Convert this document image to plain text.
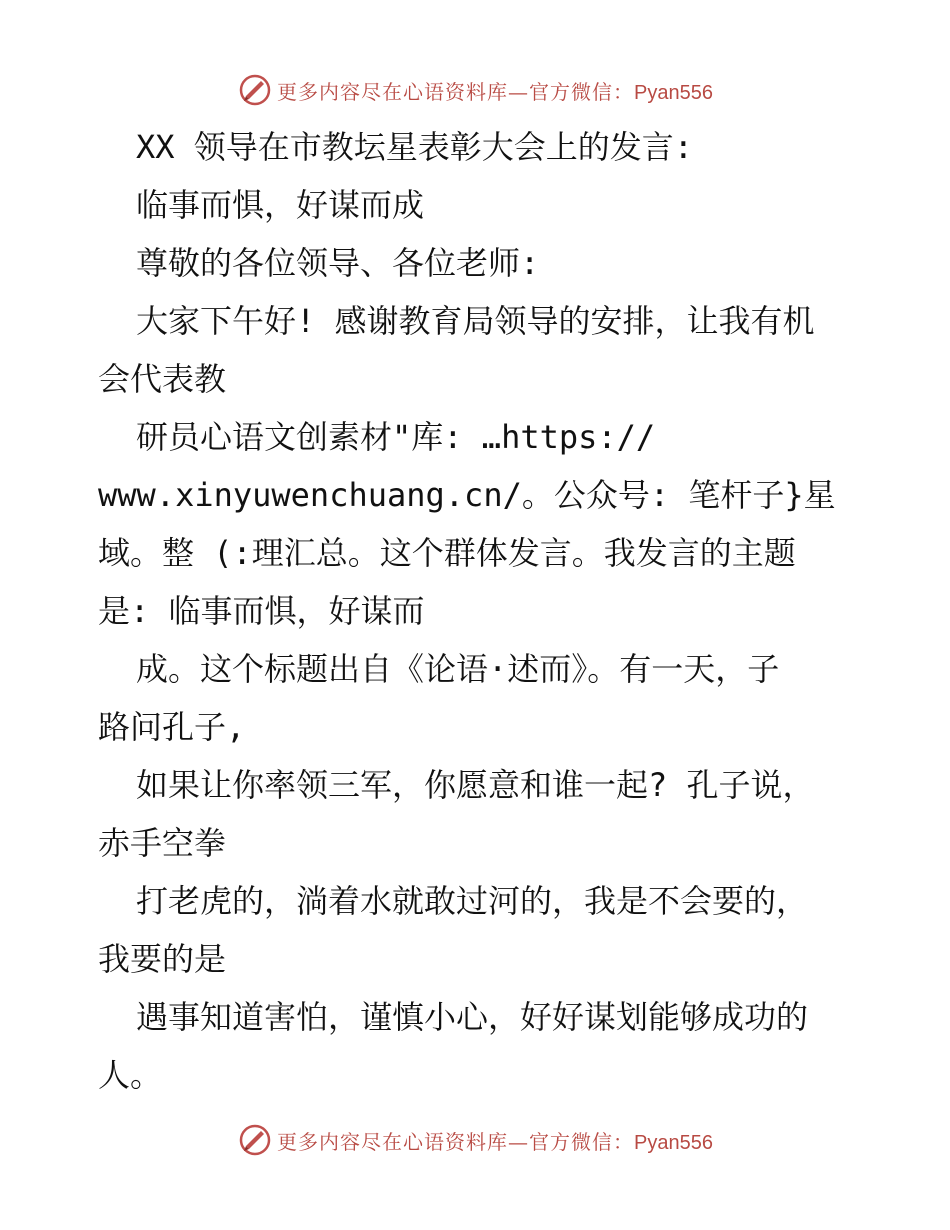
更多内容尽在心语资料库—官方微信：Pyan556

XX 领导在市教坛星表彰大会上的发言:

临事而惧，好谋而成

尊敬的各位领导、各位老师:

大家下午好! 感谢教育局领导的安排，让我有机

会代表教

研员心语文创素材"库: …https://

www.xinyuwenchuang.cn/。公众号: 笔杆子}星

域。整 (:理汇总。这个群体发言。我发言的主题

是: 临事而惧，好谋而

成。这个标题出自《论语·述而》。有一天，子

路问孔子,

如果让你率领三军，你愿意和谁一起? 孔子说，

赤手空拳

打老虎的，淌着水就敢过河的，我是不会要的，

我要的是

遇事知道害怕，谨慎小心，好好谋划能够成功的

人。

更多内容尽在心语资料库—官方微信：Pyan556
